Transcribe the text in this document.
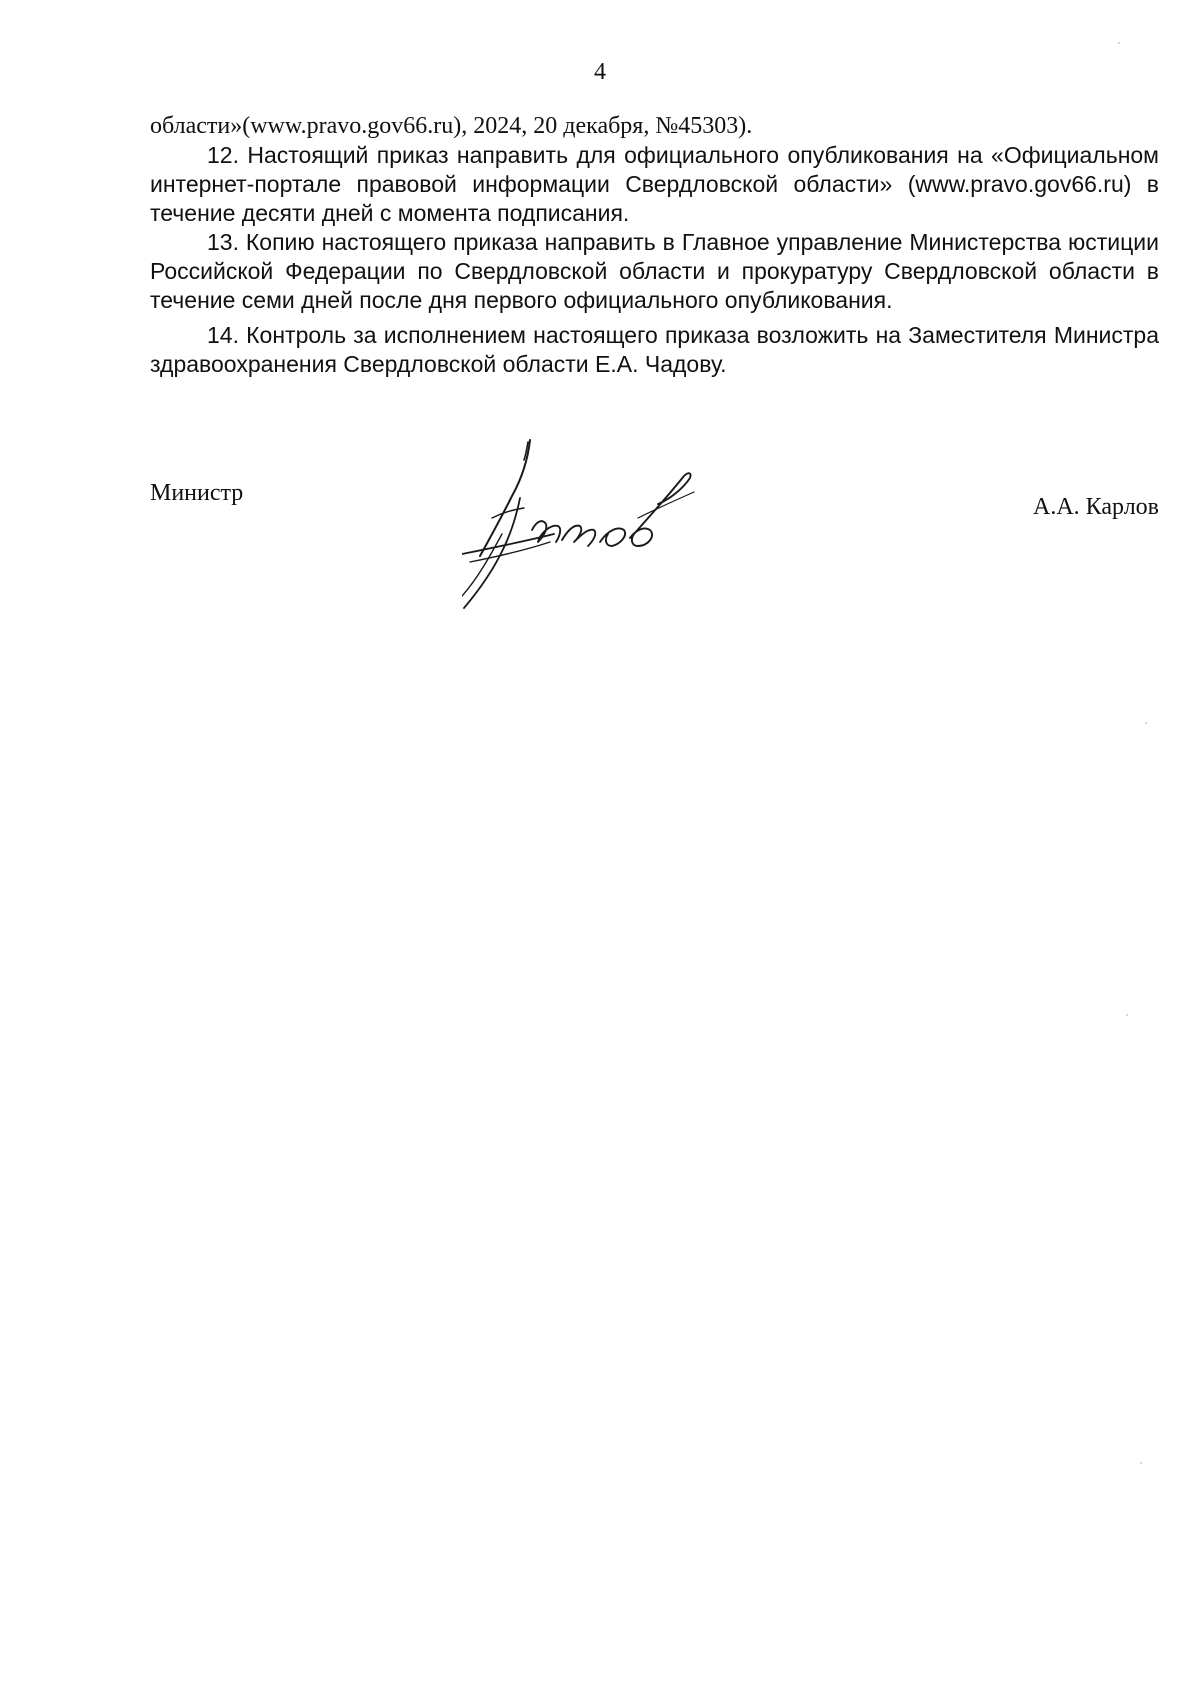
4

области»(www.pravo.gov66.ru), 2024, 20 декабря, №45303).

12. Настоящий приказ направить для официального опубликования на «Официальном интернет-портале правовой информации Свердловской области» (www.pravo.gov66.ru) в течение десяти дней с момента подписания.

13. Копию настоящего приказа направить в Главное управление Министерства юстиции Российской Федерации по Свердловской области и прокуратуру Свердловской области в течение семи дней после дня первого официального опубликования.

14. Контроль за исполнением настоящего приказа возложить на Заместителя Министра здравоохранения Свердловской области Е.А. Чадову.

Министр
А.А. Карлов
